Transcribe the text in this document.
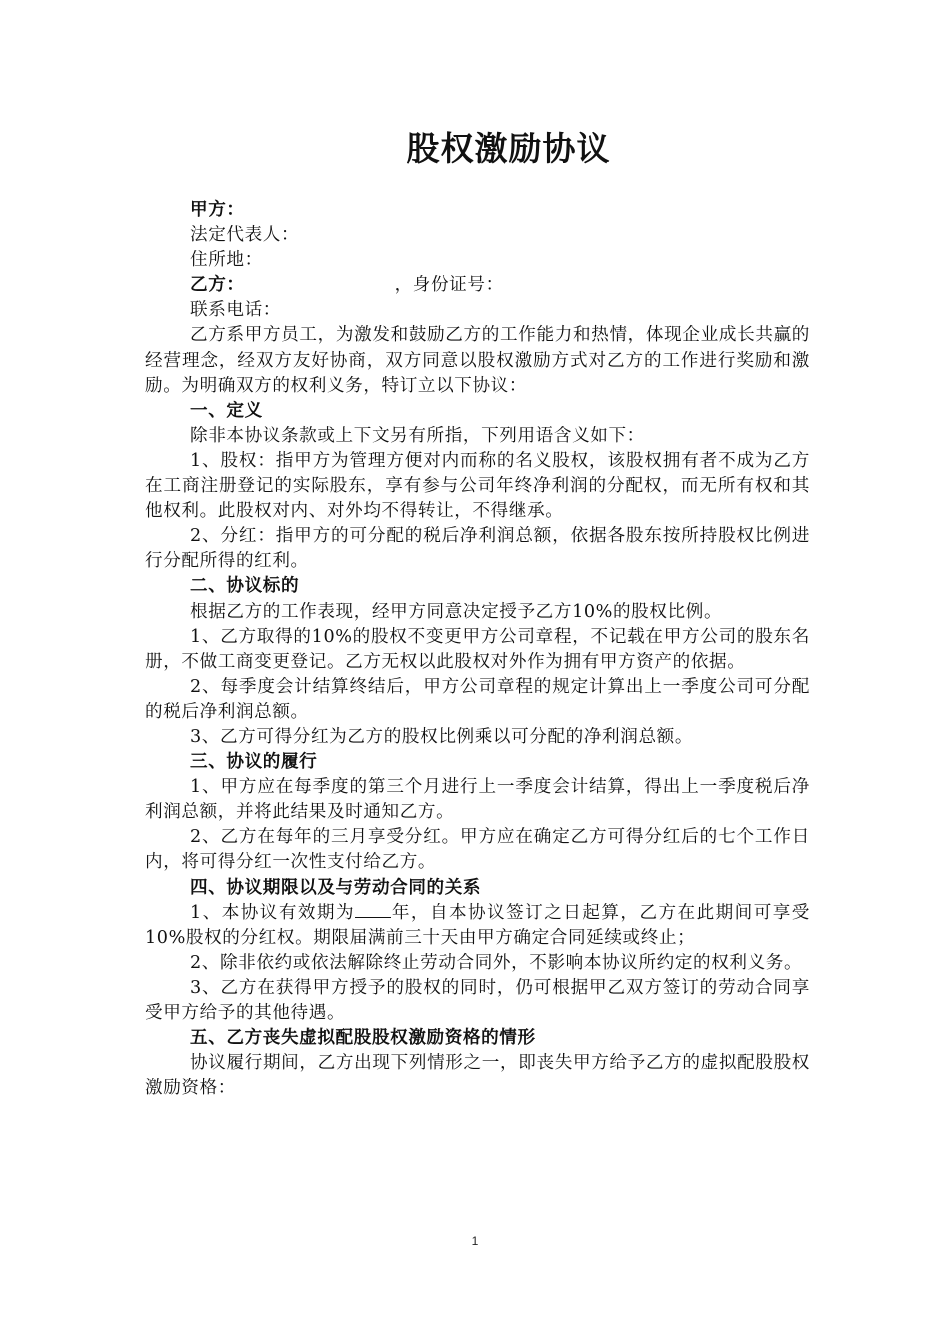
股权激励协议

甲方：

法定代表人：

住所地：

乙方：	，身份证号：

联系电话：

乙方系甲方员工，为激发和鼓励乙方的工作能力和热情，体现企业成长共赢的经营理念，经双方友好协商，双方同意以股权激励方式对乙方的工作进行奖励和激励。为明确双方的权利义务，特订立以下协议：

一、定义

除非本协议条款或上下文另有所指，下列用语含义如下：

1、股权：指甲方为管理方便对内而称的名义股权，该股权拥有者不成为乙方在工商注册登记的实际股东，享有参与公司年终净利润的分配权，而无所有权和其他权利。此股权对内、对外均不得转让，不得继承。

2、分红：指甲方的可分配的税后净利润总额，依据各股东按所持股权比例进行分配所得的红利。

二、协议标的

根据乙方的工作表现，经甲方同意决定授予乙方10%的股权比例。

1、乙方取得的10%的股权不变更甲方公司章程，不记载在甲方公司的股东名册，不做工商变更登记。乙方无权以此股权对外作为拥有甲方资产的依据。

2、每季度会计结算终结后，甲方公司章程的规定计算出上一季度公司可分配的税后净利润总额。

3、乙方可得分红为乙方的股权比例乘以可分配的净利润总额。

三、协议的履行

1、甲方应在每季度的第三个月进行上一季度会计结算，得出上一季度税后净利润总额，并将此结果及时通知乙方。

2、乙方在每年的三月享受分红。甲方应在确定乙方可得分红后的七个工作日内，将可得分红一次性支付给乙方。

四、协议期限以及与劳动合同的关系

1、本协议有效期为 年，自本协议签订之日起算，乙方在此期间可享受10%股权的分红权。期限届满前三十天由甲方确定合同延续或终止；

2、除非依约或依法解除终止劳动合同外，不影响本协议所约定的权利义务。

3、乙方在获得甲方授予的股权的同时，仍可根据甲乙双方签订的劳动合同享受甲方给予的其他待遇。

五、乙方丧失虚拟配股股权激励资格的情形

协议履行期间，乙方出现下列情形之一，即丧失甲方给予乙方的虚拟配股股权激励资格：

1
